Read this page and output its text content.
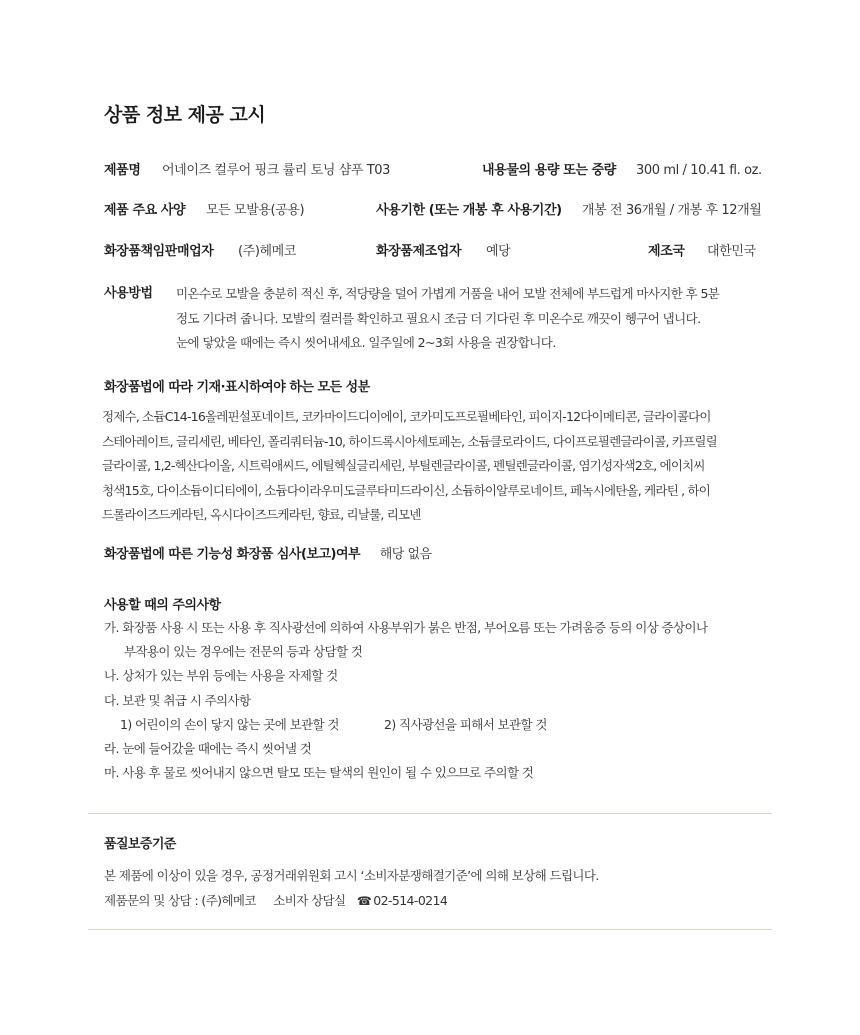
상품 정보 제공 고시
제품명 어네이즈 컬루어 핑크 률리 토닝 샴푸 T03	내용물의 용량 또는 중량 300 ml / 10.41 fl. oz.
제품 주요 사양 모든 모발용(공용)	사용기한 (또는 개봉 후 사용기간) 개봉 전 36개월 / 개봉 후 12개월
화장품책임판매업자 (주)헤메코	화장품제조업자 예당	제조국 대한민국
사용방법 미온수로 모발을 충분히 적신 후, 적당량을 덜어 가볍게 거품을 내어 모발 전체에 부드럽게 마사지한 후 5분
정도 기다려 줍니다. 모발의 컬러를 확인하고 필요시 조금 더 기다린 후 미온수로 깨끗이 헹구어 냅니다.
눈에 닿았을 때에는 즉시 씻어내세요. 일주일에 2~3회 사용을 권장합니다.
화장품법에 따라 기재·표시하여야 하는 모든 성분
정제수, 소듐C14-16올레핀설포네이트, 코카마이드디이에이, 코카미도프로필베타인, 피이지-12다이메티콘, 글라이콜다이
스테아레이트, 글리세린, 베타인, 폴리쿼터늄-10, 하이드록시아세토페논, 소듐클로라이드, 다이프로필렌글라이콜, 카프릴릴
글라이콜, 1,2-헥산다이올, 시트릭애씨드, 에틸헥실글리세린, 부틸렌글라이콜, 펜틸렌글라이콜, 염기성자색2호, 에이치씨
청색15호, 다이소듐이디티에이, 소듐다이라우미도글루타미드라이신, 소듐하이알루로네이트, 페녹시에탄올, 케라틴 , 하이
드롤라이즈드케라틴, 옥시다이즈드케라틴, 향료, 리날룰, 리모넨
화장품법에 따른 기능성 화장품 심사(보고)여부 해당 없음
사용할 때의 주의사항
가. 화장품 사용 시 또는 사용 후 직사광선에 의하여 사용부위가 붉은 반점, 부어오름 또는 가려움증 등의 이상 증상이나
부작용이 있는 경우에는 전문의 등과 상담할 것
나. 상처가 있는 부위 등에는 사용을 자제할 것
다. 보관 및 취급 시 주의사항
1) 어린이의 손이 닿지 않는 곳에 보관할 것	2) 직사광선을 피해서 보관할 것
라. 눈에 들어갔을 때에는 즉시 씻어낼 것
마. 사용 후 물로 씻어내지 않으면 탈모 또는 탈색의 원인이 될 수 있으므로 주의할 것
품질보증기준
본 제품에 이상이 있을 경우, 공정거래위원회 고시 ‘소비자분쟁해결기준’에 의해 보상해 드립니다.
제품문의 및 상담 : (주)헤메코 소비자 상담실 ☎ 02-514-0214
